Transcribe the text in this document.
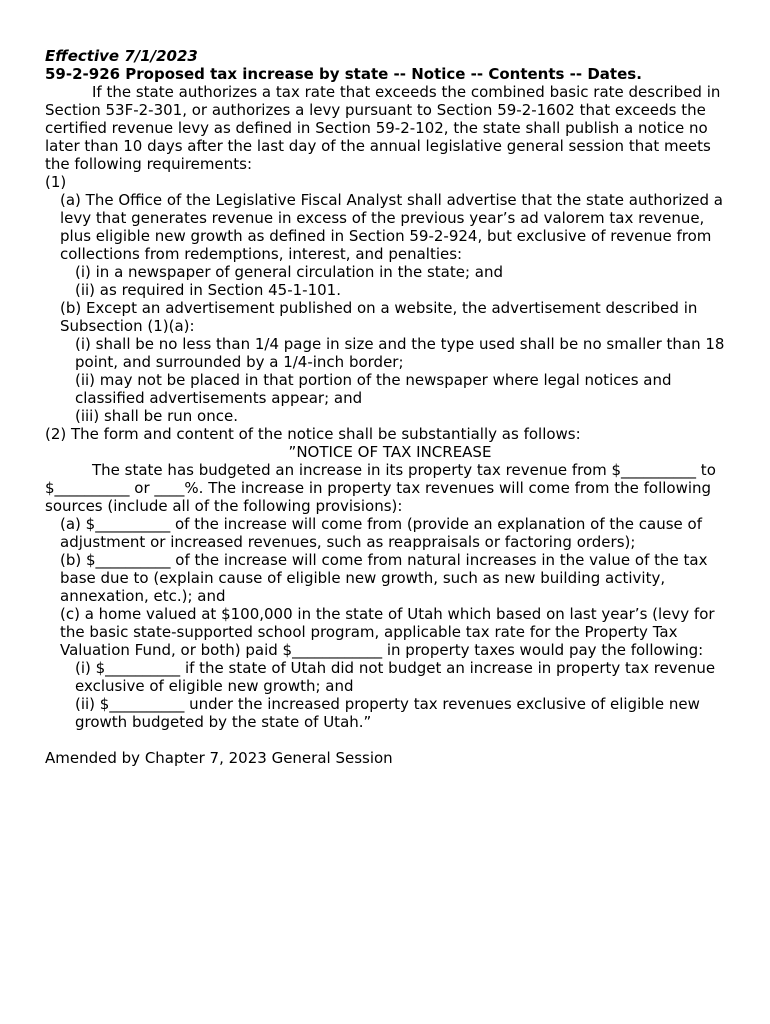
Effective 7/1/2023

59-2-926 Proposed tax increase by state -- Notice -- Contents -- Dates.

If the state authorizes a tax rate that exceeds the combined basic rate described in Section 53F-2-301, or authorizes a levy pursuant to Section 59-2-1602 that exceeds the certified revenue levy as defined in Section 59-2-102, the state shall publish a notice no later than 10 days after the last day of the annual legislative general session that meets the following requirements:

(1)

(a) The Office of the Legislative Fiscal Analyst shall advertise that the state authorized a levy that generates revenue in excess of the previous year’s ad valorem tax revenue, plus eligible new growth as defined in Section 59-2-924, but exclusive of revenue from collections from redemptions, interest, and penalties:

(i) in a newspaper of general circulation in the state; and

(ii) as required in Section 45-1-101.

(b) Except an advertisement published on a website, the advertisement described in Subsection (1)(a):

(i) shall be no less than 1/4 page in size and the type used shall be no smaller than 18 point, and surrounded by a 1/4-inch border;

(ii) may not be placed in that portion of the newspaper where legal notices and classified advertisements appear; and

(iii) shall be run once.

(2) The form and content of the notice shall be substantially as follows:

”NOTICE OF TAX INCREASE

The state has budgeted an increase in its property tax revenue from $__________ to $__________ or ____%. The increase in property tax revenues will come from the following sources (include all of the following provisions):

(a) $__________ of the increase will come from (provide an explanation of the cause of adjustment or increased revenues, such as reappraisals or factoring orders);

(b) $__________ of the increase will come from natural increases in the value of the tax base due to (explain cause of eligible new growth, such as new building activity, annexation, etc.); and

(c) a home valued at $100,000 in the state of Utah which based on last year’s (levy for the basic state-supported school program, applicable tax rate for the Property Tax Valuation Fund, or both) paid $____________ in property taxes would pay the following:

(i) $__________ if the state of Utah did not budget an increase in property tax revenue exclusive of eligible new growth; and

(ii) $__________ under the increased property tax revenues exclusive of eligible new growth budgeted by the state of Utah.”

Amended by Chapter 7, 2023 General Session
